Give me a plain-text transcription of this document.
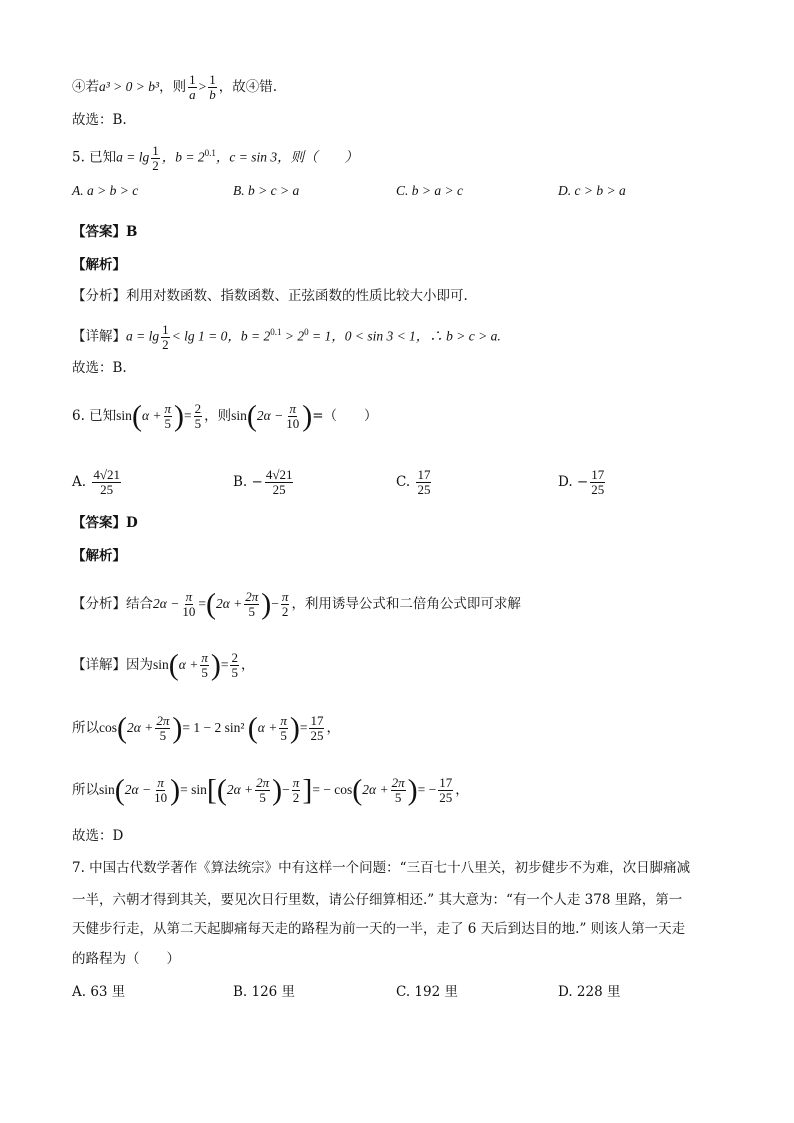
④若a³ > 0 > b³，则 $\frac{1}{a} > \frac{1}{b}$ ，故④错.
故选：B.
5. 已知$a = \lg \frac{1}{2}$ ，$b = 2^{0.1}$，c = sin 3，则（　　）
A. a > b > c	B. b > c > a	C. b > a > c	D. c > b > a
【答案】B
【解析】
【分析】利用对数函数、指数函数、正弦函数的性质比较大小即可.
【详解】$a = \lg \frac{1}{2} < \lg 1 = 0$，$b = 2^{0.1} > 2^0 = 1$，0 < sin 3 < 1，∴ b > c > a.
故选：B.
6. 已知$\sin(\alpha + \frac{\pi}{5}$ )= $\frac{2}{5}$ ，则$\sin(2\alpha - \frac{\pi}{10}$ )=（　　）
A. $\frac{4√21}{25}$	B. − $\frac{4√21}{25}$	C. $\frac{17}{25}$	D. − $\frac{17}{25}$
【答案】D
【解析】
【分析】结合$2\alpha - \frac{\pi}{10} =(2\alpha + \frac{2\pi}{5}$ )− $\frac{\pi}{2}$ ，利用诱导公式和二倍角公式即可求解
【详解】因为$\sin(\alpha + \frac{\pi}{5}$ )= $\frac{2}{5}$ ，
所以$\cos(2\alpha + \frac{2\pi}{5}$ )= 1 − 2 sin² ($\alpha + \frac{\pi}{5}$ )= $\frac{17}{25}$ ，
所以$\sin(2\alpha - \frac{\pi}{10}$ )= $\sin[(2\alpha + \frac{2\pi}{5}$ )− $\frac{\pi}{2}$ ]= − $\cos(2\alpha + \frac{2\pi}{5}$ )= − $\frac{17}{25}$ ，
故选：D
7. 中国古代数学著作《算法统宗》中有这样一个问题：“三百七十八里关，初步健步不为难，次日脚痛减
一半，六朝才得到其关，要见次日行里数，请公仔细算相还.” 其大意为：“有一个人走 378 里路，第一
天健步行走，从第二天起脚痛每天走的路程为前一天的一半，走了 6 天后到达目的地.” 则该人第一天走
的路程为（　　）
A. 63 里	B. 126 里	C. 192 里	D. 228 里
